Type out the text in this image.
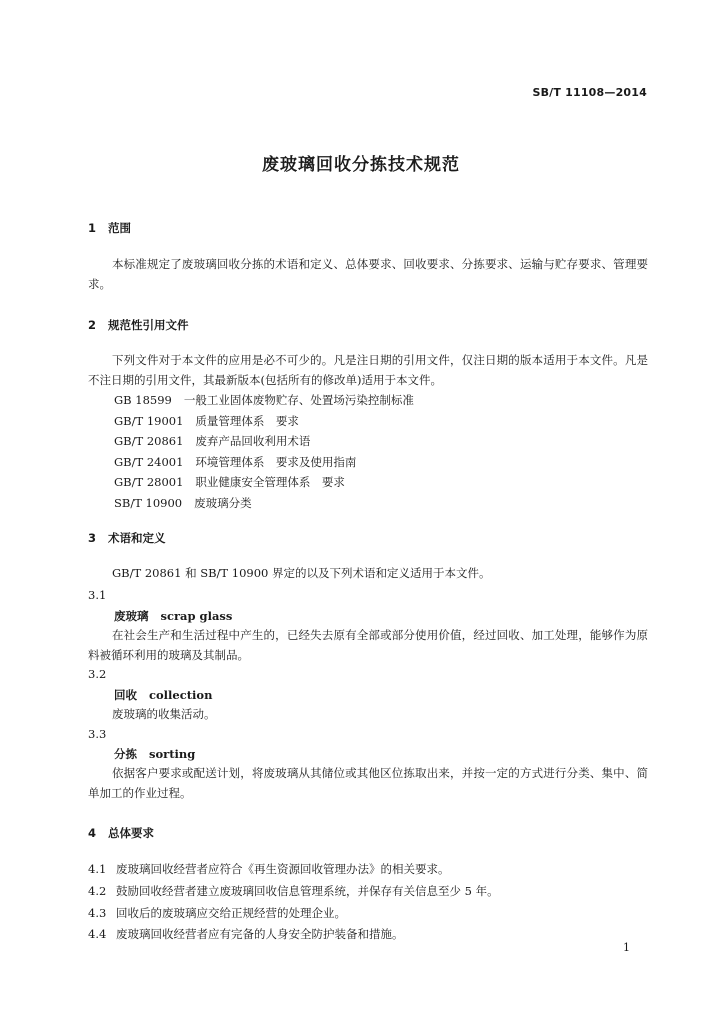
SB/T 11108—2014
废玻璃回收分拣技术规范
1 范围
本标准规定了废玻璃回收分拣的术语和定义、总体要求、回收要求、分拣要求、运输与贮存要求、管理要求。
2 规范性引用文件
下列文件对于本文件的应用是必不可少的。凡是注日期的引用文件，仅注日期的版本适用于本文件。凡是不注日期的引用文件，其最新版本(包括所有的修改单)适用于本文件。
GB 18599 一般工业固体废物贮存、处置场污染控制标准
GB/T 19001 质量管理体系　要求
GB/T 20861 废弃产品回收利用术语
GB/T 24001 环境管理体系　要求及使用指南
GB/T 28001 职业健康安全管理体系　要求
SB/T 10900 废玻璃分类
3 术语和定义
GB/T 20861 和 SB/T 10900 界定的以及下列术语和定义适用于本文件。
3.1
废玻璃 scrap glass
在社会生产和生活过程中产生的，已经失去原有全部或部分使用价值，经过回收、加工处理，能够作为原料被循环利用的玻璃及其制品。
3.2
回收 collection
废玻璃的收集活动。
3.3
分拣 sorting
依据客户要求或配送计划，将废玻璃从其储位或其他区位拣取出来，并按一定的方式进行分类、集中、简单加工的作业过程。
4 总体要求
4.1 废玻璃回收经营者应符合《再生资源回收管理办法》的相关要求。
4.2 鼓励回收经营者建立废玻璃回收信息管理系统，并保存有关信息至少 5 年。
4.3 回收后的废玻璃应交给正规经营的处理企业。
4.4 废玻璃回收经营者应有完备的人身安全防护装备和措施。
1
